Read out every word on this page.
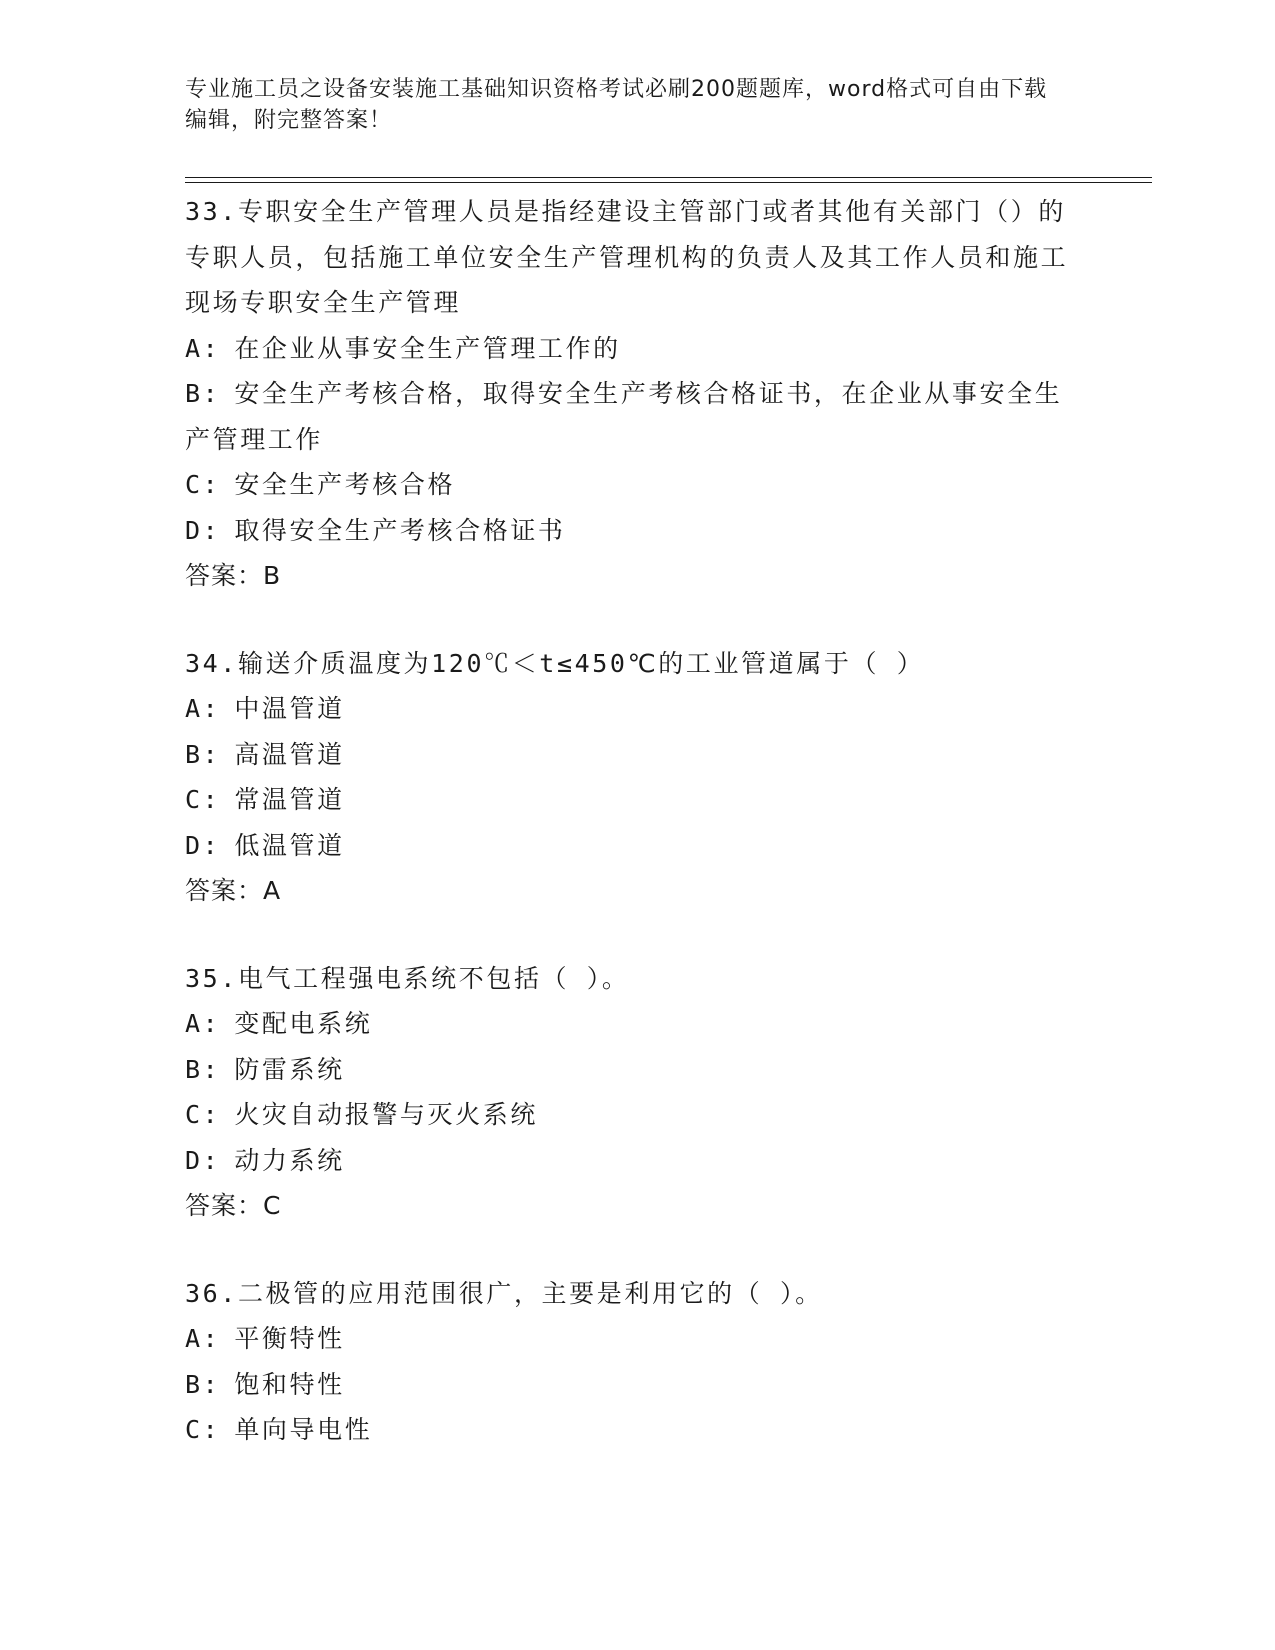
专业施工员之设备安装施工基础知识资格考试必刷200题题库，word格式可自由下载编辑，附完整答案！
33.专职安全生产管理人员是指经建设主管部门或者其他有关部门（）的专职人员，包括施工单位安全生产管理机构的负责人及其工作人员和施工现场专职安全生产管理
A: 在企业从事安全生产管理工作的
B: 安全生产考核合格，取得安全生产考核合格证书，在企业从事安全生产管理工作
C: 安全生产考核合格
D: 取得安全生产考核合格证书
答案：B
34.输送介质温度为120℃＜t≤450℃的工业管道属于（ ）
A: 中温管道
B: 高温管道
C: 常温管道
D: 低温管道
答案：A
35.电气工程强电系统不包括（ ）。
A: 变配电系统
B: 防雷系统
C: 火灾自动报警与灭火系统
D: 动力系统
答案：C
36.二极管的应用范围很广，主要是利用它的（ ）。
A: 平衡特性
B: 饱和特性
C: 单向导电性
